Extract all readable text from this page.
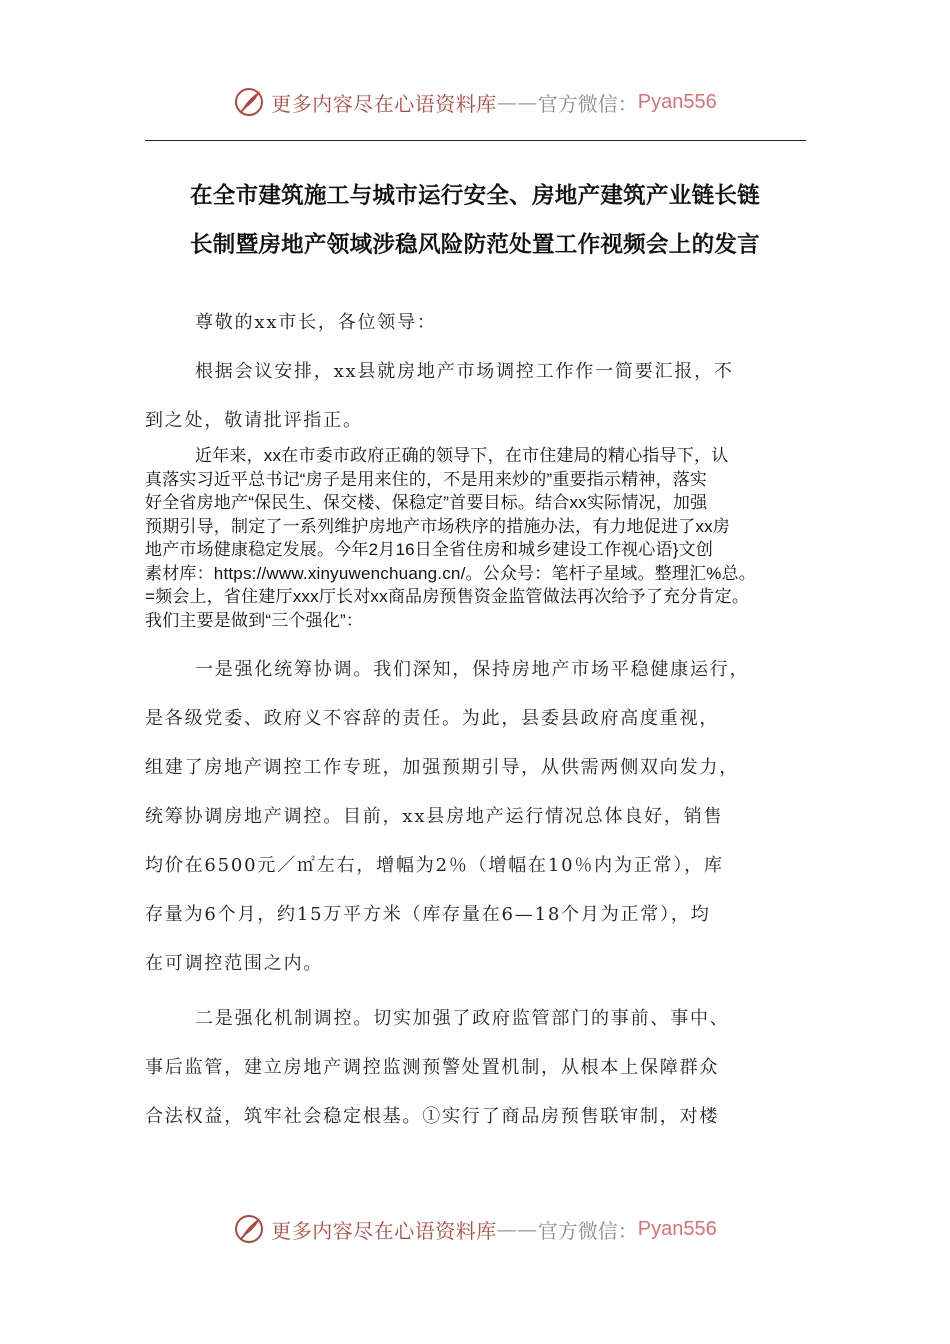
更多内容尽在心语资料库 —— 官方微信： Pyan556
在全市建筑施工与城市运行安全、房地产建筑产业链长链
长制暨房地产领域涉稳风险防范处置工作视频会上的发言
尊敬的xx市长，各位领导：
根据会议安排，xx县就房地产市场调控工作作一简要汇报，不
到之处，敬请批评指正。
近年来，xx在市委市政府正确的领导下，在市住建局的精心指导下，认
真落实习近平总书记“房子是用来住的，不是用来炒的”重要指示精神，落实
好全省房地产“保民生、保交楼、保稳定”首要目标。结合xx实际情况，加强
预期引导，制定了一系列维护房地产市场秩序的措施办法，有力地促进了xx房
地产市场健康稳定发展。今年2月16日全省住房和城乡建设工作视心语}文创
素材库：https://www.xinyuwenchuang.cn/。公众号：笔杆子星域。整理汇%总。
=频会上，省住建厅xxx厅长对xx商品房预售资金监管做法再次给予了充分肯定。
我们主要是做到“三个强化”：
一是强化统筹协调。我们深知，保持房地产市场平稳健康运行，
是各级党委、政府义不容辞的责任。为此，县委县政府高度重视，
组建了房地产调控工作专班，加强预期引导，从供需两侧双向发力，
统筹协调房地产调控。目前，xx县房地产运行情况总体良好，销售
均价在6500元／㎡左右，增幅为2％（增幅在10％内为正常），库
存量为6个月，约15万平方米（库存量在6—18个月为正常），均
在可调控范围之内。
二是强化机制调控。切实加强了政府监管部门的事前、事中、
事后监管，建立房地产调控监测预警处置机制，从根本上保障群众
合法权益，筑牢社会稳定根基。①实行了商品房预售联审制，对楼
更多内容尽在心语资料库 —— 官方微信： Pyan556
